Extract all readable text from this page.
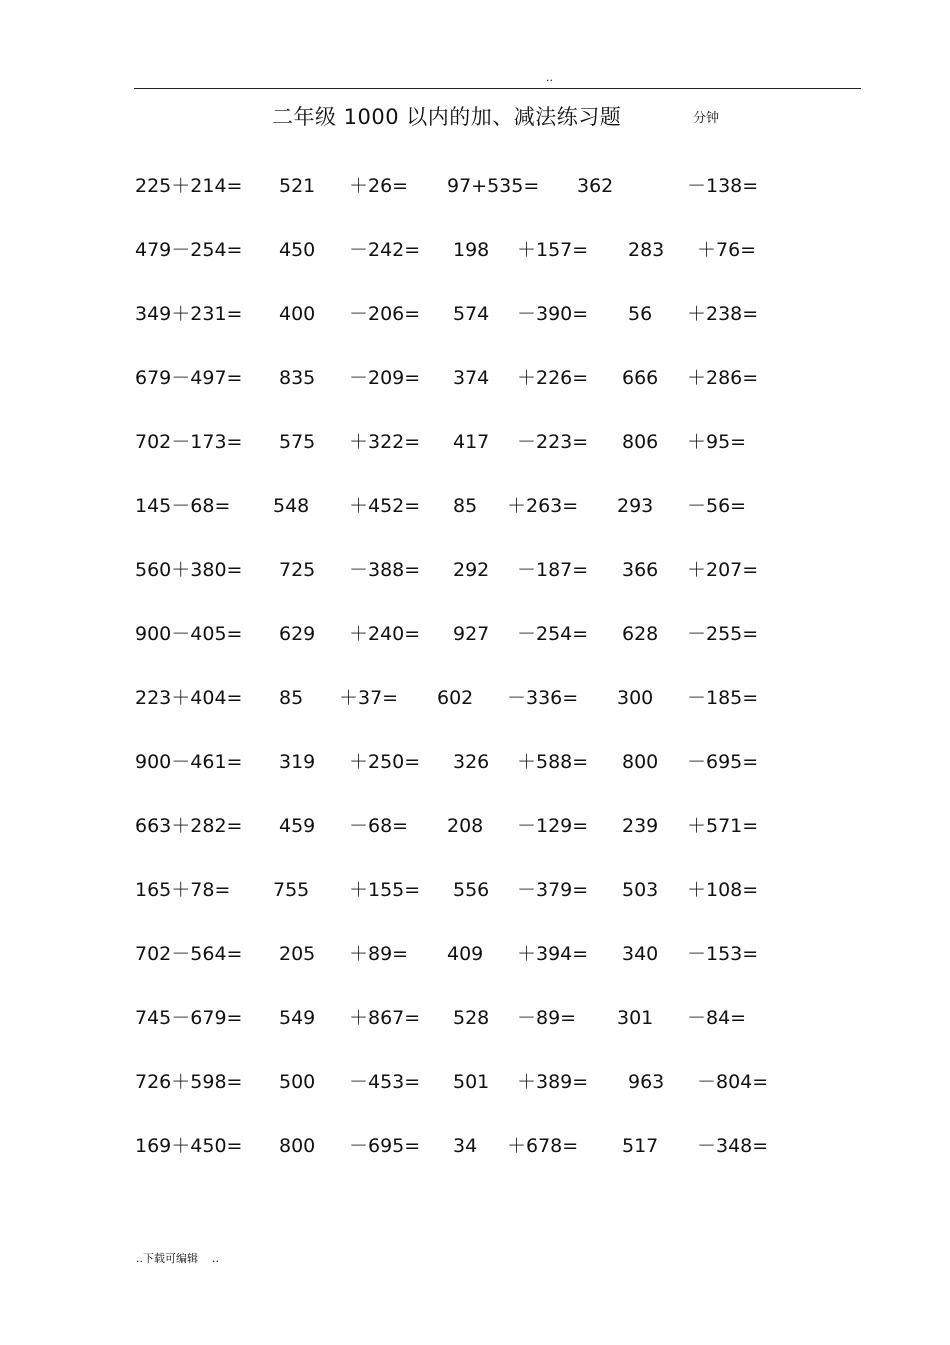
..
二年级 1000 以内的加、减法练习题	分钟
225＋214= 521 ＋26= 97+535= 362	－138=
479－254= 450 －242= 198 ＋157= 283 ＋76=
349＋231= 400 －206= 574 －390= 56 ＋238=
679－497= 835 －209= 374 ＋226= 666 ＋286=
702－173= 575 ＋322= 417 －223= 806 ＋95=
145－68= 548 ＋452= 85 ＋263= 293 －56=
560＋380= 725 －388= 292 －187= 366 ＋207=
900－405= 629 ＋240= 927 －254= 628 －255=
223＋404= 85 ＋37= 602 －336= 300 －185=
900－461= 319 ＋250= 326 ＋588= 800 －695=
663＋282= 459 －68= 208 －129= 239 ＋571=
165＋78= 755 ＋155= 556 －379= 503 ＋108=
702－564= 205 ＋89= 409 ＋394= 340 －153=
745－679= 549 ＋867= 528 －89= 301 －84=
726＋598= 500 －453= 501 ＋389= 963 －804=
169＋450= 800 －695= 34 ＋678= 517 －348=
..下载可编辑    ..
